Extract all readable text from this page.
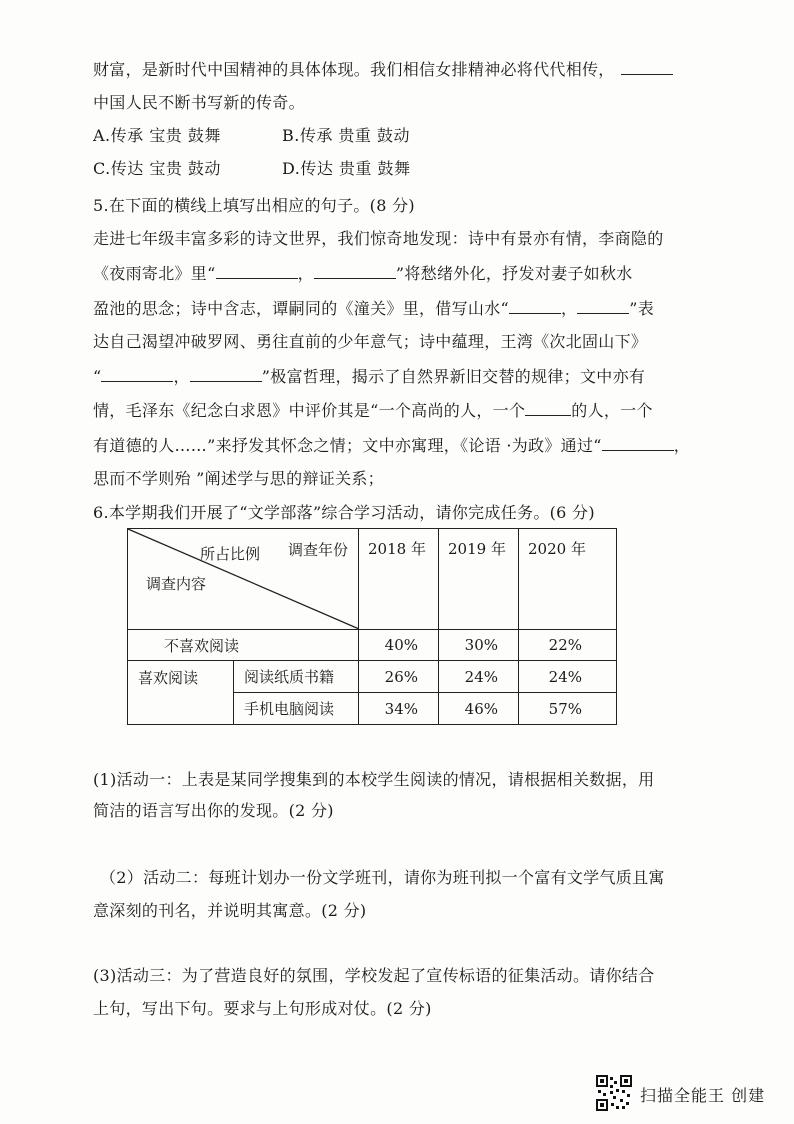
财富，是新时代中国精神的具体体现。我们相信女排精神必将代代相传，
中国人民不断书写新的传奇。
A.传承 宝贵 鼓舞	B.传承 贵重 鼓动
C.传达 宝贵 鼓动	D.传达 贵重 鼓舞
5.在下面的横线上填写出相应的句子。(8 分)
走进七年级丰富多彩的诗文世界，我们惊奇地发现：诗中有景亦有情，李商隐的
《夜雨寄北》里“	，	”将愁绪外化，抒发对妻子如秋水
盈池的思念；诗中含志，谭嗣同的《潼关》里，借写山水“	，	”表
达自己渴望冲破罗网、勇往直前的少年意气；诗中蕴理，王湾《次北固山下》
“	，	”极富哲理，揭示了自然界新旧交替的规律；文中亦有
情，毛泽东《纪念白求恩》中评价其是“一个高尚的人，一个	的人，一个
有道德的人……”来抒发其怀念之情；文中亦寓理，《论语 ·为政》通过“	，
思而不学则殆 ”阐述学与思的辩证关系；
6.本学期我们开展了“文学部落”综合学习活动，请你完成任务。(6 分)
所占比例 调查年份
调查内容		2018 年	2019 年	2020 年
不喜欢阅读		40%	30%	22%
喜欢阅读	阅读纸质书籍	26%	24%	24%
	手机电脑阅读	34%	46%	57%
(1)活动一：上表是某同学搜集到的本校学生阅读的情况，请根据相关数据，用
简洁的语言写出你的发现。(2 分)
（2）活动二：每班计划办一份文学班刊，请你为班刊拟一个富有文学气质且寓
意深刻的刊名，并说明其寓意。(2 分)
(3)活动三：为了营造良好的氛围，学校发起了宣传标语的征集活动。请你结合
上句，写出下句。要求与上句形成对仗。(2 分)
扫描全能王 创建
